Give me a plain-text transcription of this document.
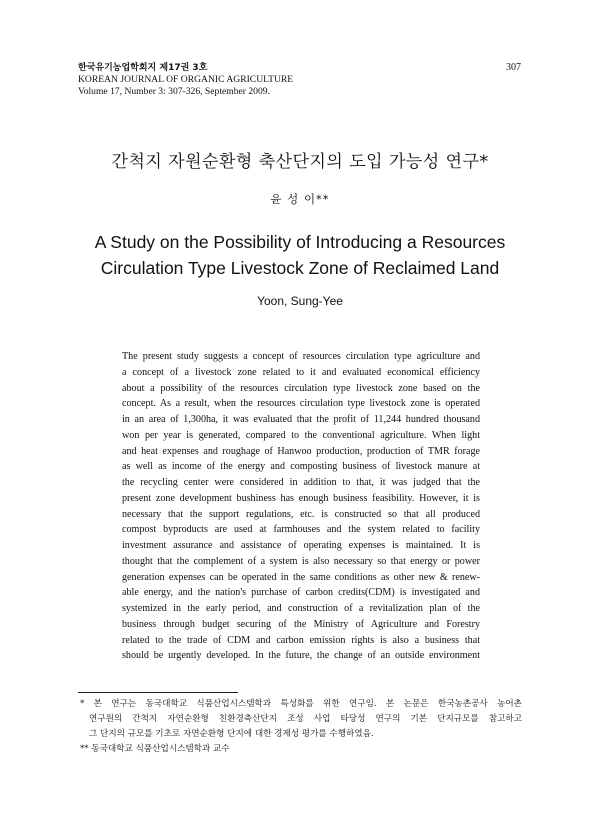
한국유기농업학회지 제17권 3호
KOREAN JOURNAL OF ORGANIC AGRICULTURE
Volume 17, Number 3: 307-326, September 2009.
307
간척지 자원순환형 축산단지의 도입 가능성 연구*
윤 성 이**
A Study on the Possibility of Introducing a Resources
Circulation Type Livestock Zone of Reclaimed Land
Yoon, Sung-Yee
The present study suggests a concept of resources circulation type agriculture and
a concept of a livestock zone related to it and evaluated economical efficiency
about a possibility of the resources circulation type livestock zone based on the
concept. As a result, when the resources circulation type livestock zone is operated
in an area of 1,300ha, it was evaluated that the profit of 11,244 hundred thousand
won per year is generated, compared to the conventional agriculture. When light
and heat expenses and roughage of Hanwoo production, production of TMR forage
as well as income of the energy and composting business of livestock manure at
the recycling center were considered in addition to that, it was judged that the
present zone development bushiness has enough business feasibility. However, it is
necessary that the support regulations, etc. is constructed so that all produced
compost byproducts are used at farmhouses and the system related to facility
investment assurance and assistance of operating expenses is maintained. It is
thought that the complement of a system is also necessary so that energy or power
generation expenses can be operated in the same conditions as other new & renew-
able energy, and the nation's purchase of carbon credits(CDM) is investigated and
systemized in the early period, and construction of a revitalization plan of the
business through budget securing of the Ministry of Agriculture and Forestry
related to the trade of CDM and carbon emission rights is also a business that
should be urgently developed. In the future, the change of an outside environment
* 본 연구는 동국대학교 식품산업시스템학과 특성화를 위한 연구임. 본 논문은 한국농촌공사 농어촌
연구원의 간척지 자연순환형 친환경축산단지 조성 사업 타당성 연구의 기본 단지규모를 참고하고
그 단지의 규모를 기초로 자연순환형 단지에 대한 경제성 평가를 수행하였음.
** 동국대학교 식품산업시스템학과 교수
